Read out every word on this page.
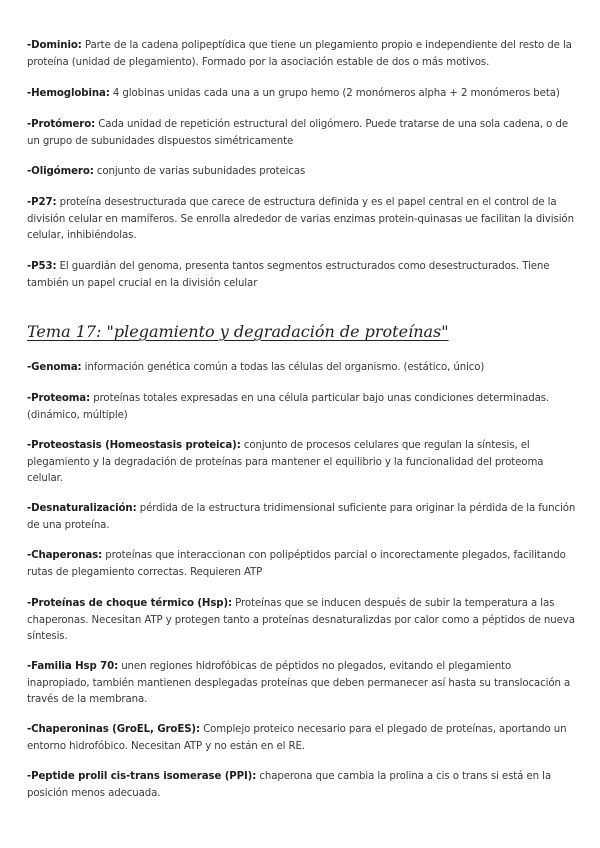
-Dominio: Parte de la cadena polipeptídica que tiene un plegamiento propio e independiente del resto de la proteína (unidad de plegamiento). Formado por la asociación estable de dos o más motivos.
-Hemoglobina: 4 globinas unidas cada una a un grupo hemo (2 monómeros alpha + 2 monómeros beta)
-Protómero: Cada unidad de repetición estructural del oligómero. Puede tratarse de una sola cadena, o de un grupo de subunidades dispuestos simétricamente
-Oligómero: conjunto de varias subunidades proteicas
-P27: proteína desestructurada que carece de estructura definida y es el papel central en el control de la división celular en mamíferos. Se enrolla alrededor de varias enzimas protein-quinasas ue facilitan la división celular, inhibiéndolas.
-P53: El guardián del genoma, presenta tantos segmentos estructurados como desestructurados. Tiene también un papel crucial en la división celular
Tema 17: "plegamiento y degradación de proteínas"
-Genoma: información genética común a todas las células del organismo. (estático, único)
-Proteoma: proteínas totales expresadas en una célula particular bajo unas condiciones determinadas. (dinámico, múltiple)
-Proteostasis (Homeostasis proteica): conjunto de procesos celulares que regulan la síntesis, el plegamiento y la degradación de proteínas para mantener el equilibrio y la funcionalidad del proteoma celular.
-Desnaturalización: pérdida de la estructura tridimensional suficiente para originar la pérdida de la función de una proteína.
-Chaperonas: proteínas que interaccionan con polipéptidos parcial o incorectamente plegados, facilitando rutas de plegamiento correctas. Requieren ATP
-Proteínas de choque térmico (Hsp): Proteínas que se inducen después de subir la temperatura a las chaperonas. Necesitan ATP y protegen tanto a proteínas desnaturalizdas por calor como a péptidos de nueva síntesis.
-Familia Hsp 70: unen regiones hidrofóbicas de péptidos no plegados, evitando el plegamiento inapropiado, también mantienen desplegadas proteínas que deben permanecer así hasta su translocación a través de la membrana.
-Chaperoninas (GroEL, GroES): Complejo proteico necesario para el plegado de proteínas, aportando un entorno hidrofóbico. Necesitan ATP y no están en el RE.
-Peptide prolil cis-trans isomerase (PPI): chaperona que cambia la prolina a cis o trans si está en la posición menos adecuada.
